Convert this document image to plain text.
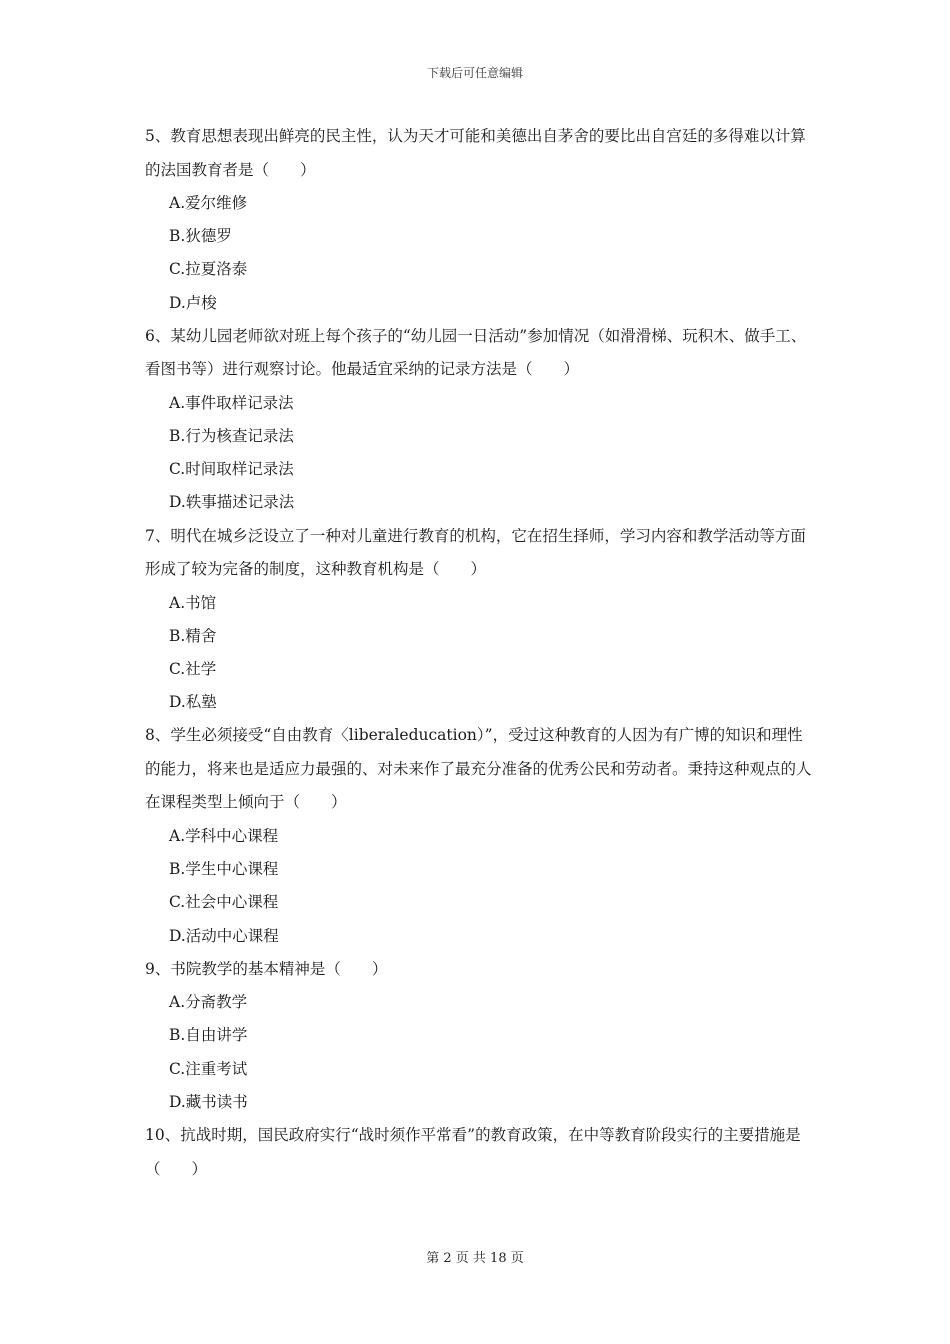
下载后可任意编辑

5、教育思想表现出鲜亮的民主性，认为天才可能和美德出自茅舍的要比出自宫廷的多得难以计算的法国教育者是（　　）

A.爱尔维修

B.狄德罗

C.拉夏洛泰

D.卢梭

6、某幼儿园老师欲对班上每个孩子的“幼儿园一日活动”参加情况（如滑滑梯、玩积木、做手工、看图书等）进行观察讨论。他最适宜采纳的记录方法是（　　）

A.事件取样记录法

B.行为核查记录法

C.时间取样记录法

D.轶事描述记录法

7、明代在城乡泛设立了一种对儿童进行教育的机构，它在招生择师，学习内容和教学活动等方面形成了较为完备的制度，这种教育机构是（　　）

A.书馆

B.精舍

C.社学

D.私塾

8、学生必须接受“自由教育〈liberaleducation）”，受过这种教育的人因为有广博的知识和理性的能力，将来也是适应力最强的、对未来作了最充分准备的优秀公民和劳动者。秉持这种观点的人在课程类型上倾向于（　　）

A.学科中心课程

B.学生中心课程

C.社会中心课程

D.活动中心课程

9、书院教学的基本精神是（　　）

A.分斋教学

B.自由讲学

C.注重考试

D.藏书读书

10、抗战时期，国民政府实行“战时须作平常看”的教育政策，在中等教育阶段实行的主要措施是（　　）

第 2 页 共 18 页
